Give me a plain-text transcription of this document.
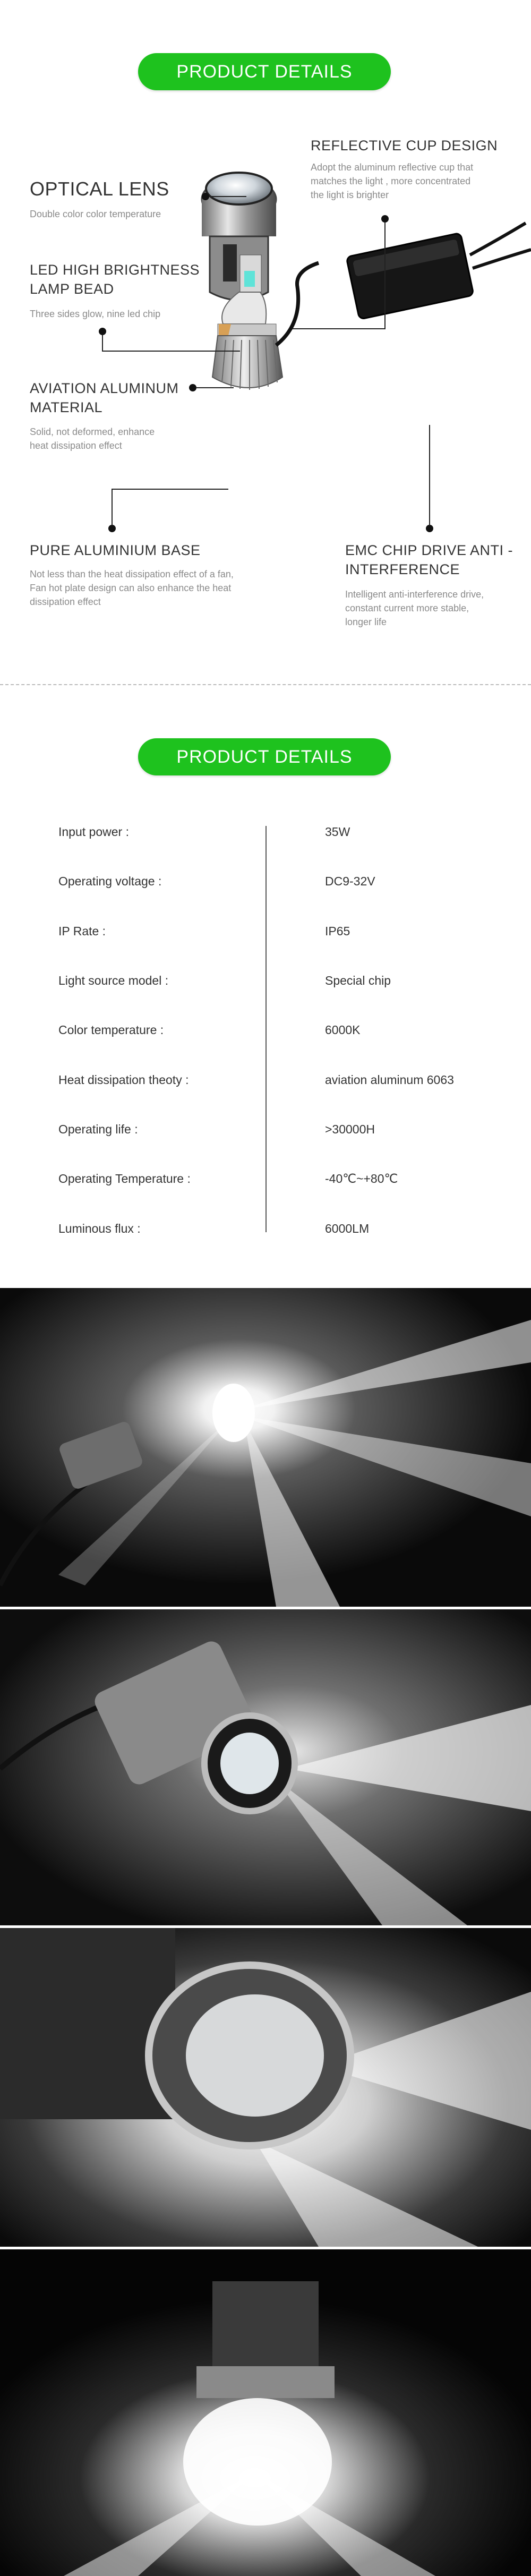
PRODUCT DETAILS
OPTICAL LENS
Double color color temperature
REFLECTIVE CUP DESIGN
Adopt the aluminum reflective cup that
matches the light , more concentrated
the light is brighter
LED HIGH BRIGHTNESS
LAMP BEAD
Three sides glow, nine led chip
AVIATION ALUMINUM
MATERIAL
Solid, not deformed, enhance
heat dissipation effect
PURE ALUMINIUM BASE
Not less than the heat dissipation effect of a fan,
Fan hot plate design can also enhance the heat
dissipation effect
EMC CHIP DRIVE ANTI -
INTERFERENCE
Intelligent anti-interference drive,
constant current more stable,
longer life
PRODUCT DETAILS
Input power :	35W
Operating voltage :	DC9-32V
IP Rate :	IP65
Light source model :	Special chip
Color temperature :	6000K
Heat dissipation theoty :	aviation aluminum 6063
Operating life :	>30000H
Operating Temperature :	-40℃~+80℃
Luminous flux :	6000LM
